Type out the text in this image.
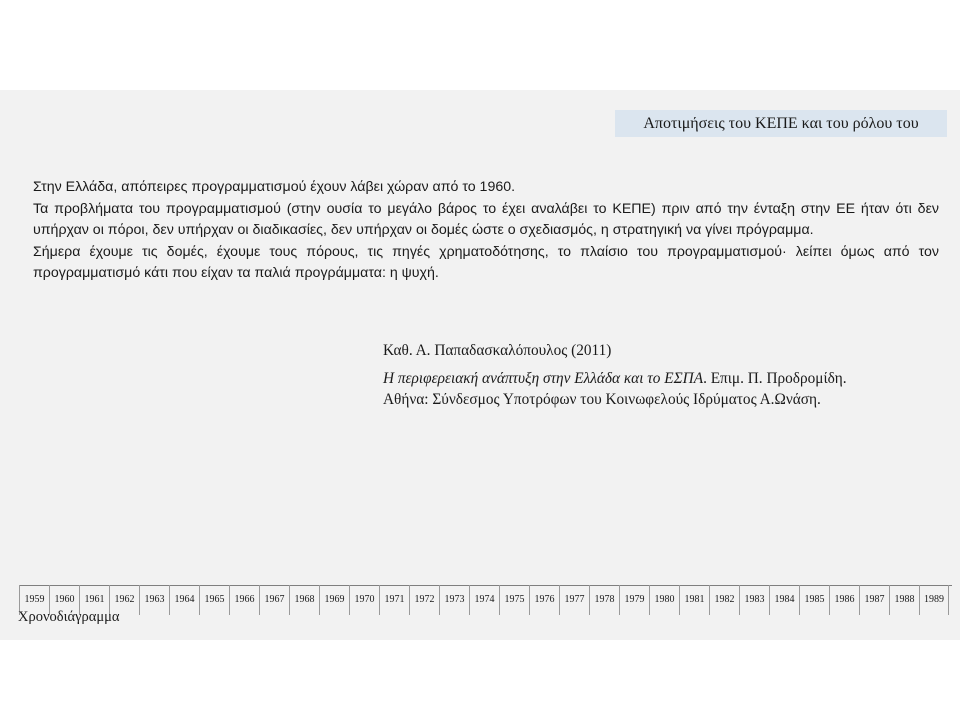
Αποτιμήσεις του ΚΕΠΕ και του ρόλου του

Στην Ελλάδα, απόπειρες προγραμματισμού έχουν λάβει χώραν από το 1960.

Τα προβλήματα του προγραμματισμού (στην ουσία το μεγάλο βάρος το έχει αναλάβει το ΚΕΠΕ) πριν από την ένταξη στην ΕΕ ήταν ότι δεν υπήρχαν οι πόροι, δεν υπήρχαν οι διαδικασίες, δεν υπήρχαν οι δομές ώστε ο σχεδιασμός, η στρατηγική να γίνει πρόγραμμα.

Σήμερα έχουμε τις δομές, έχουμε τους πόρους, τις πηγές χρηματοδότησης, το πλαίσιο του προγραμματισμού· λείπει όμως από τον προγραμματισμό κάτι που είχαν τα παλιά προγράμματα: η ψυχή.

Καθ. Α. Παπαδασκαλόπουλος (2011)

Η περιφερειακή ανάπτυξη στην Ελλάδα και το ΕΣΠΑ. Επιμ. Π. Προδρομίδη.

Αθήνα: Σύνδεσμος Υποτρόφων του Κοινωφελούς Ιδρύματος Α.Ωνάση.

1959	1960	1961	1962	1963	1964	1965	1966	1967	1968	1969	1970	1971	1972	1973	1974	1975	1976	1977	1978	1979	1980	1981	1982	1983	1984	1985	1986	1987	1988 1989
Χρονοδιάγραμμα
